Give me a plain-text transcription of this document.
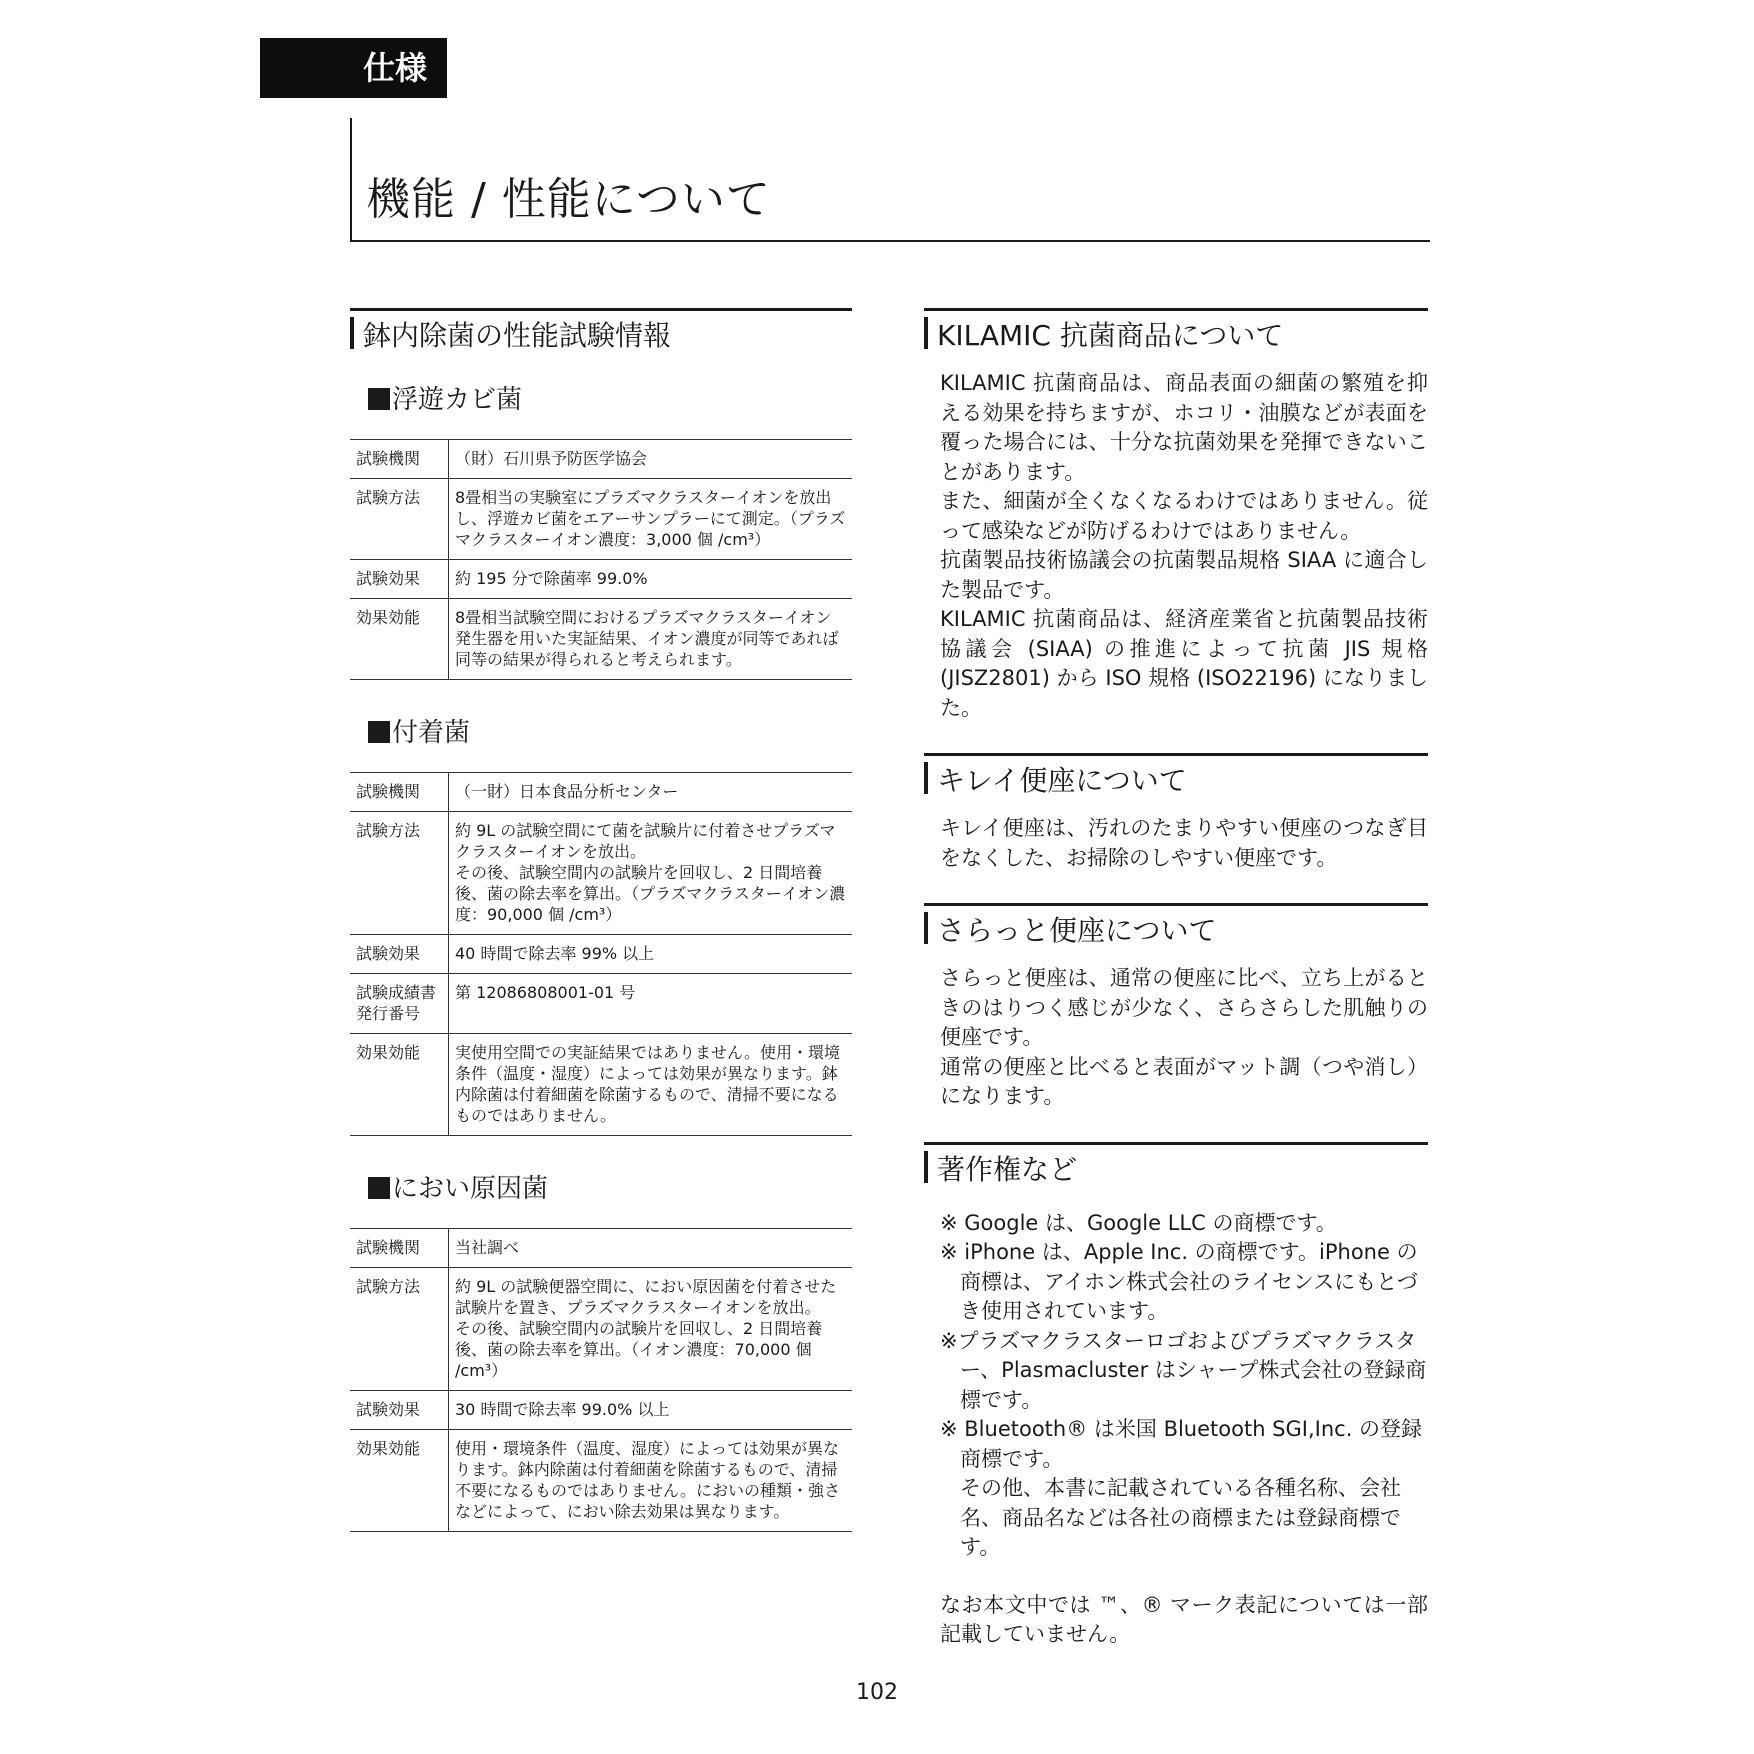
仕様
機能 / 性能について
鉢内除菌の性能試験情報
浮遊カビ菌
試験機関	（財）石川県予防医学協会
試験方法	8畳相当の実験室にプラズマクラスターイオンを放出し、浮遊カビ菌をエアーサンプラーにて測定。（プラズマクラスターイオン濃度：3,000 個 /cm³）
試験効果	約 195 分で除菌率 99.0%
効果効能	8畳相当試験空間におけるプラズマクラスターイオン発生器を用いた実証結果、イオン濃度が同等であれば同等の結果が得られると考えられます。
付着菌
試験機関	（一財）日本食品分析センター
試験方法	約 9L の試験空間にて菌を試験片に付着させプラズマクラスターイオンを放出。
その後、試験空間内の試験片を回収し、2 日間培養後、菌の除去率を算出。（プラズマクラスターイオン濃度：90,000 個 /cm³）
試験効果	40 時間で除去率 99% 以上
試験成績書発行番号	第 12086808001-01 号
効果効能	実使用空間での実証結果ではありません。使用・環境条件（温度・湿度）によっては効果が異なります。鉢内除菌は付着細菌を除菌するもので、清掃不要になるものではありません。
におい原因菌
試験機関	当社調べ
試験方法	約 9L の試験便器空間に、におい原因菌を付着させた試験片を置き、プラズマクラスターイオンを放出。
その後、試験空間内の試験片を回収し、2 日間培養後、菌の除去率を算出。（イオン濃度：70,000 個 /cm³）
試験効果	30 時間で除去率 99.0% 以上
効果効能	使用・環境条件（温度、湿度）によっては効果が異なります。鉢内除菌は付着細菌を除菌するもので、清掃不要になるものではありません。においの種類・強さなどによって、におい除去効果は異なります。
KILAMIC 抗菌商品について

KILAMIC 抗菌商品は、商品表面の細菌の繁殖を抑える効果を持ちますが、ホコリ・油膜などが表面を覆った場合には、十分な抗菌効果を発揮できないことがあります。

また、細菌が全くなくなるわけではありません。従って感染などが防げるわけではありません。

抗菌製品技術協議会の抗菌製品規格 SIAA に適合した製品です。

KILAMIC 抗菌商品は、経済産業省と抗菌製品技術協議会 (SIAA) の推進によって抗菌 JIS 規格 (JISZ2801) から ISO 規格 (ISO22196) になりました。

キレイ便座について

キレイ便座は、汚れのたまりやすい便座のつなぎ目をなくした、お掃除のしやすい便座です。

さらっと便座について

さらっと便座は、通常の便座に比べ、立ち上がるときのはりつく感じが少なく、さらさらした肌触りの便座です。

通常の便座と比べると表面がマット調（つや消し）になります。

著作権など

※ Google は、Google LLC の商標です。

※ iPhone は、Apple Inc. の商標です。iPhone の商標は、アイホン株式会社のライセンスにもとづき使用されています。

※プラズマクラスターロゴおよびプラズマクラスター、Plasmacluster はシャープ株式会社の登録商標です。

※ Bluetooth® は米国 Bluetooth SGI,Inc. の登録商標です。

その他、本書に記載されている各種名称、会社名、商品名などは各社の商標または登録商標です。

なお本文中では ™、® マーク表記については一部記載していません。

102
